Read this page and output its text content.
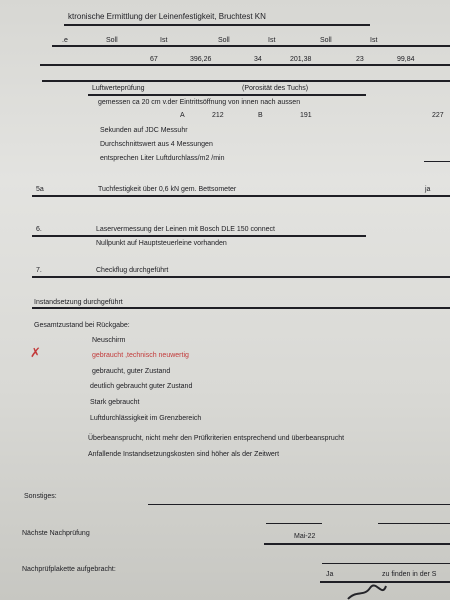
ktronische Ermittlung der Leinenfestigkeit, Bruchtest KN
.e	Soll	Ist	Soll	Ist	Soll	Ist
67	396,26	34	201,38	23	99,84
Luftwerteprüfung	(Porosität des Tuchs)
gemessen ca 20 cm v.der Eintrittsöffnung von innen nach aussen
A	212	B	191	227
Sekunden auf JDC Messuhr
Durchschnittswert aus 4 Messungen
entsprechen Liter Luftdurchlass/m2 /min
5a	Tuchfestigkeit über 0,6 kN gem. Bettsometer	ja
6.	Laservermessung der Leinen mit Bosch DLE 150 connect
Nullpunkt auf Hauptsteuerleine vorhanden
7.	Checkflug durchgeführt
Instandsetzung durchgeführt
Gesamtzustand bei Rückgabe:
Neuschirm
✗	gebraucht ,technisch neuwertig
gebraucht, guter Zustand
deutlich gebraucht guter Zustand
Stark gebraucht
Luftdurchlässigkeit im Grenzbereich
Überbeansprucht, nicht mehr den Prüfkriterien entsprechend und überbeansprucht
Anfallende Instandsetzungskosten sind höher als der Zeitwert
Sonstiges:
Nächste Nachprüfung	Mai-22
Nachprüfplakette aufgebracht:
Ja	zu finden in der S
